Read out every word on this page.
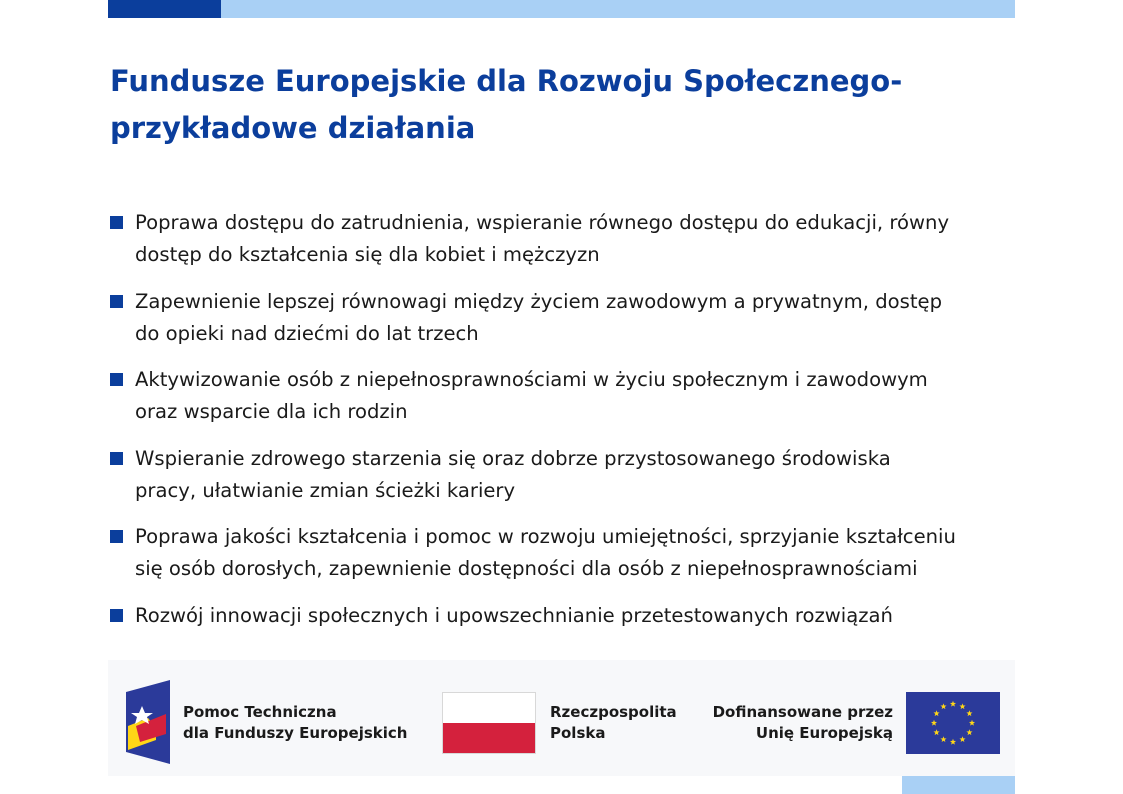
Fundusze Europejskie dla Rozwoju Społecznego-
przykładowe działania
Poprawa dostępu do zatrudnienia, wspieranie równego dostępu do edukacji, równy
dostęp do kształcenia się dla kobiet i mężczyzn
Zapewnienie lepszej równowagi między życiem zawodowym a prywatnym, dostęp
do opieki nad dziećmi do lat trzech
Aktywizowanie osób z niepełnosprawnościami w życiu społecznym i zawodowym
oraz wsparcie dla ich rodzin
Wspieranie zdrowego starzenia się oraz dobrze przystosowanego środowiska
pracy, ułatwianie zmian ścieżki kariery
Poprawa jakości kształcenia i pomoc w rozwoju umiejętności, sprzyjanie kształceniu
się osób dorosłych, zapewnienie dostępności dla osób z niepełnosprawnościami
Rozwój innowacji społecznych i upowszechnianie przetestowanych rozwiązań
Pomoc Techniczna
dla Funduszy Europejskich
Rzeczpospolita
Polska
Dofinansowane przez
Unię Europejską
